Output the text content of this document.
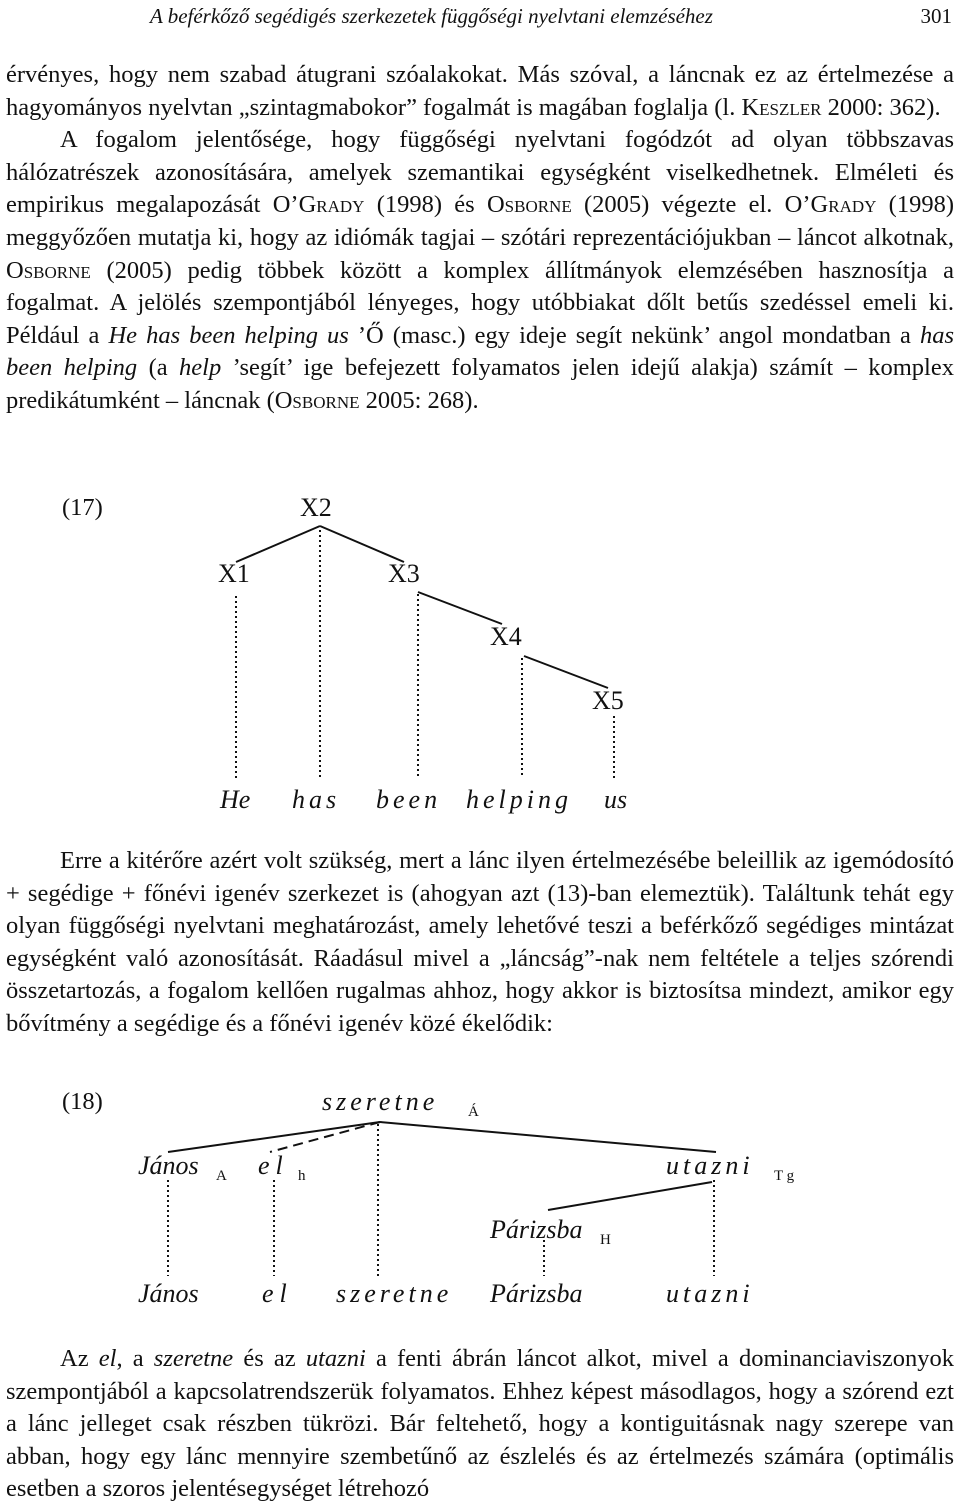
A beférkőző segédigés szerkezetek függőségi nyelvtani elemzéséhez	301

érvényes, hogy nem szabad átugrani szóalakokat. Más szóval, a láncnak ez az értelmezése a hagyományos nyelvtan „szintagmabokor” fogalmát is magában foglalja (l. Keszler 2000: 362).
A fogalom jelentősége, hogy függőségi nyelvtani fogódzót ad olyan többszavas hálózatrészek azonosítására, amelyek szemantikai egységként viselkedhetnek. Elméleti és empirikus megalapozását O’Grady (1998) és Osborne (2005) végezte el. O’Grady (1998) meggyőzően mutatja ki, hogy az idiómák tagjai – szótári reprezentációjukban – láncot alkotnak, Osborne (2005) pedig többek között a komplex állítmányok elemzésében hasznosítja a fogalmat. A jelölés szempontjából lényeges, hogy utóbbiakat dőlt betűs szedéssel emeli ki. Például a He has been helping us ’Ő (masc.) egy ideje segít nekünk’ angol mondatban a has been helping (a help ’segít’ ige befejezett folyamatos jelen idejű alakja) számít – komplex predikátumként – láncnak (Osborne 2005: 268).

(17)	X2
X1	X3
X4
X5
He has been helping us

Erre a kitérőre azért volt szükség, mert a lánc ilyen értelmezésébe beleillik az igemódosító + segédige + főnévi igenév szerkezet is (ahogyan azt (13)-ban elemeztük). Találtunk tehát egy olyan függőségi nyelvtani meghatározást, amely lehetővé teszi a beférkőző segédiges mintázat egységként való azonosítását. Ráadásul mivel a „láncság”-nak nem feltétele a teljes szórendi összetartozás, a fogalom kellően rugalmas ahhoz, hogy akkor is biztosítsa mindezt, amikor egy bővítmény a segédige és a főnévi igenév közé ékelődik:

(18)	szeretne Á
János A el h	utazni T g
Párizsba H
János el szeretne Párizsba	utazni

Az el, a szeretne és az utazni a fenti ábrán láncot alkot, mivel a dominanciaviszonyok szempontjából a kapcsolatrendszerük folyamatos. Ehhez képest másodlagos, hogy a szórend ezt a lánc jelleget csak részben tükrözi. Bár feltehető, hogy a kontiguitásnak nagy szerepe van abban, hogy egy lánc mennyire szembetűnő az észlelés és az értelmezés számára (optimális esetben a szoros jelentésegységet létrehozó
